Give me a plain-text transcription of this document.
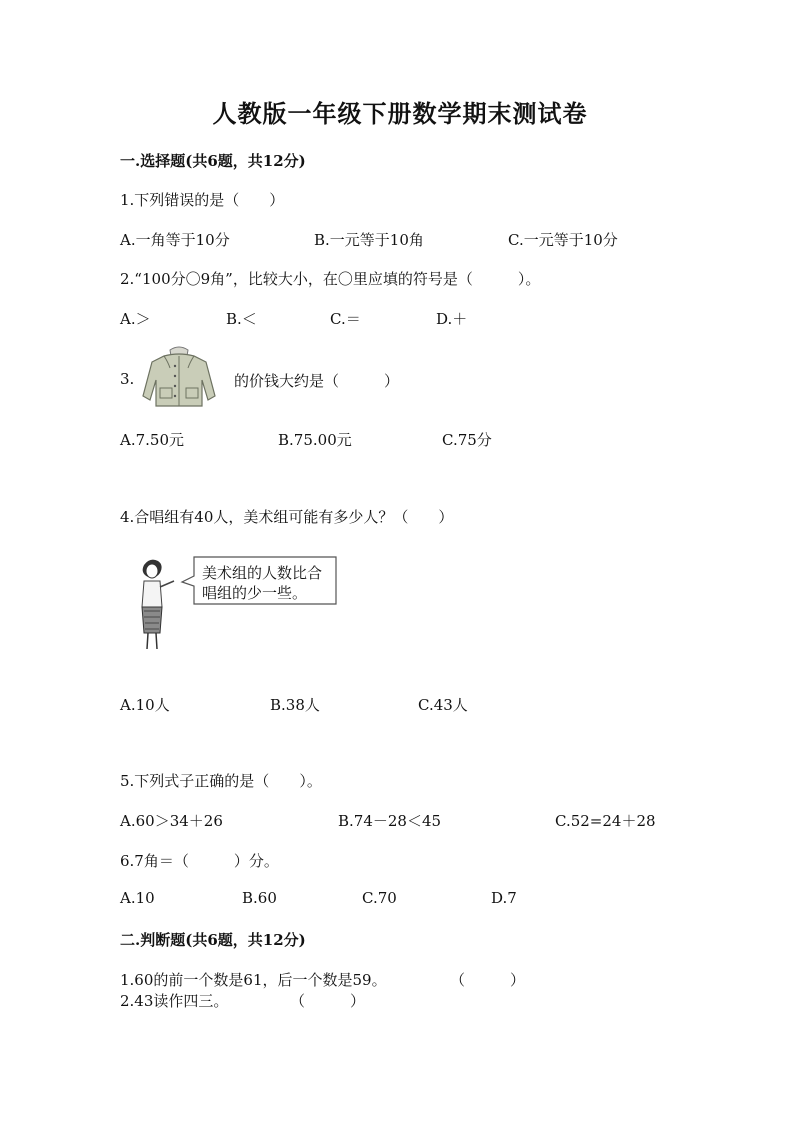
人教版一年级下册数学期末测试卷
一.选择题(共6题，共12分)
1.下列错误的是（　　）
A.一角等于10分	B.一元等于10角	C.一元等于10分
2.“100分〇9角”，比较大小，在〇里应填的符号是（　　　）。
A.＞	B.＜	C.＝	D.＋
3.	的价钱大约是（　　　）
A.7.50元	B.75.00元	C.75分
4.合唱组有40人，美术组可能有多少人？（　　）
美术组的人数比合
唱组的少一些。
A.10人	B.38人	C.43人
5.下列式子正确的是（　　）。
A.60＞34＋26	B.74－28＜45	C.52=24＋28
6.7角＝（　　　）分。
A.10	B.60	C.70	D.7
二.判断题(共6题，共12分)
1.60的前一个数是61，后一个数是59。	（　　　）
2.43读作四三。	（　　　）
